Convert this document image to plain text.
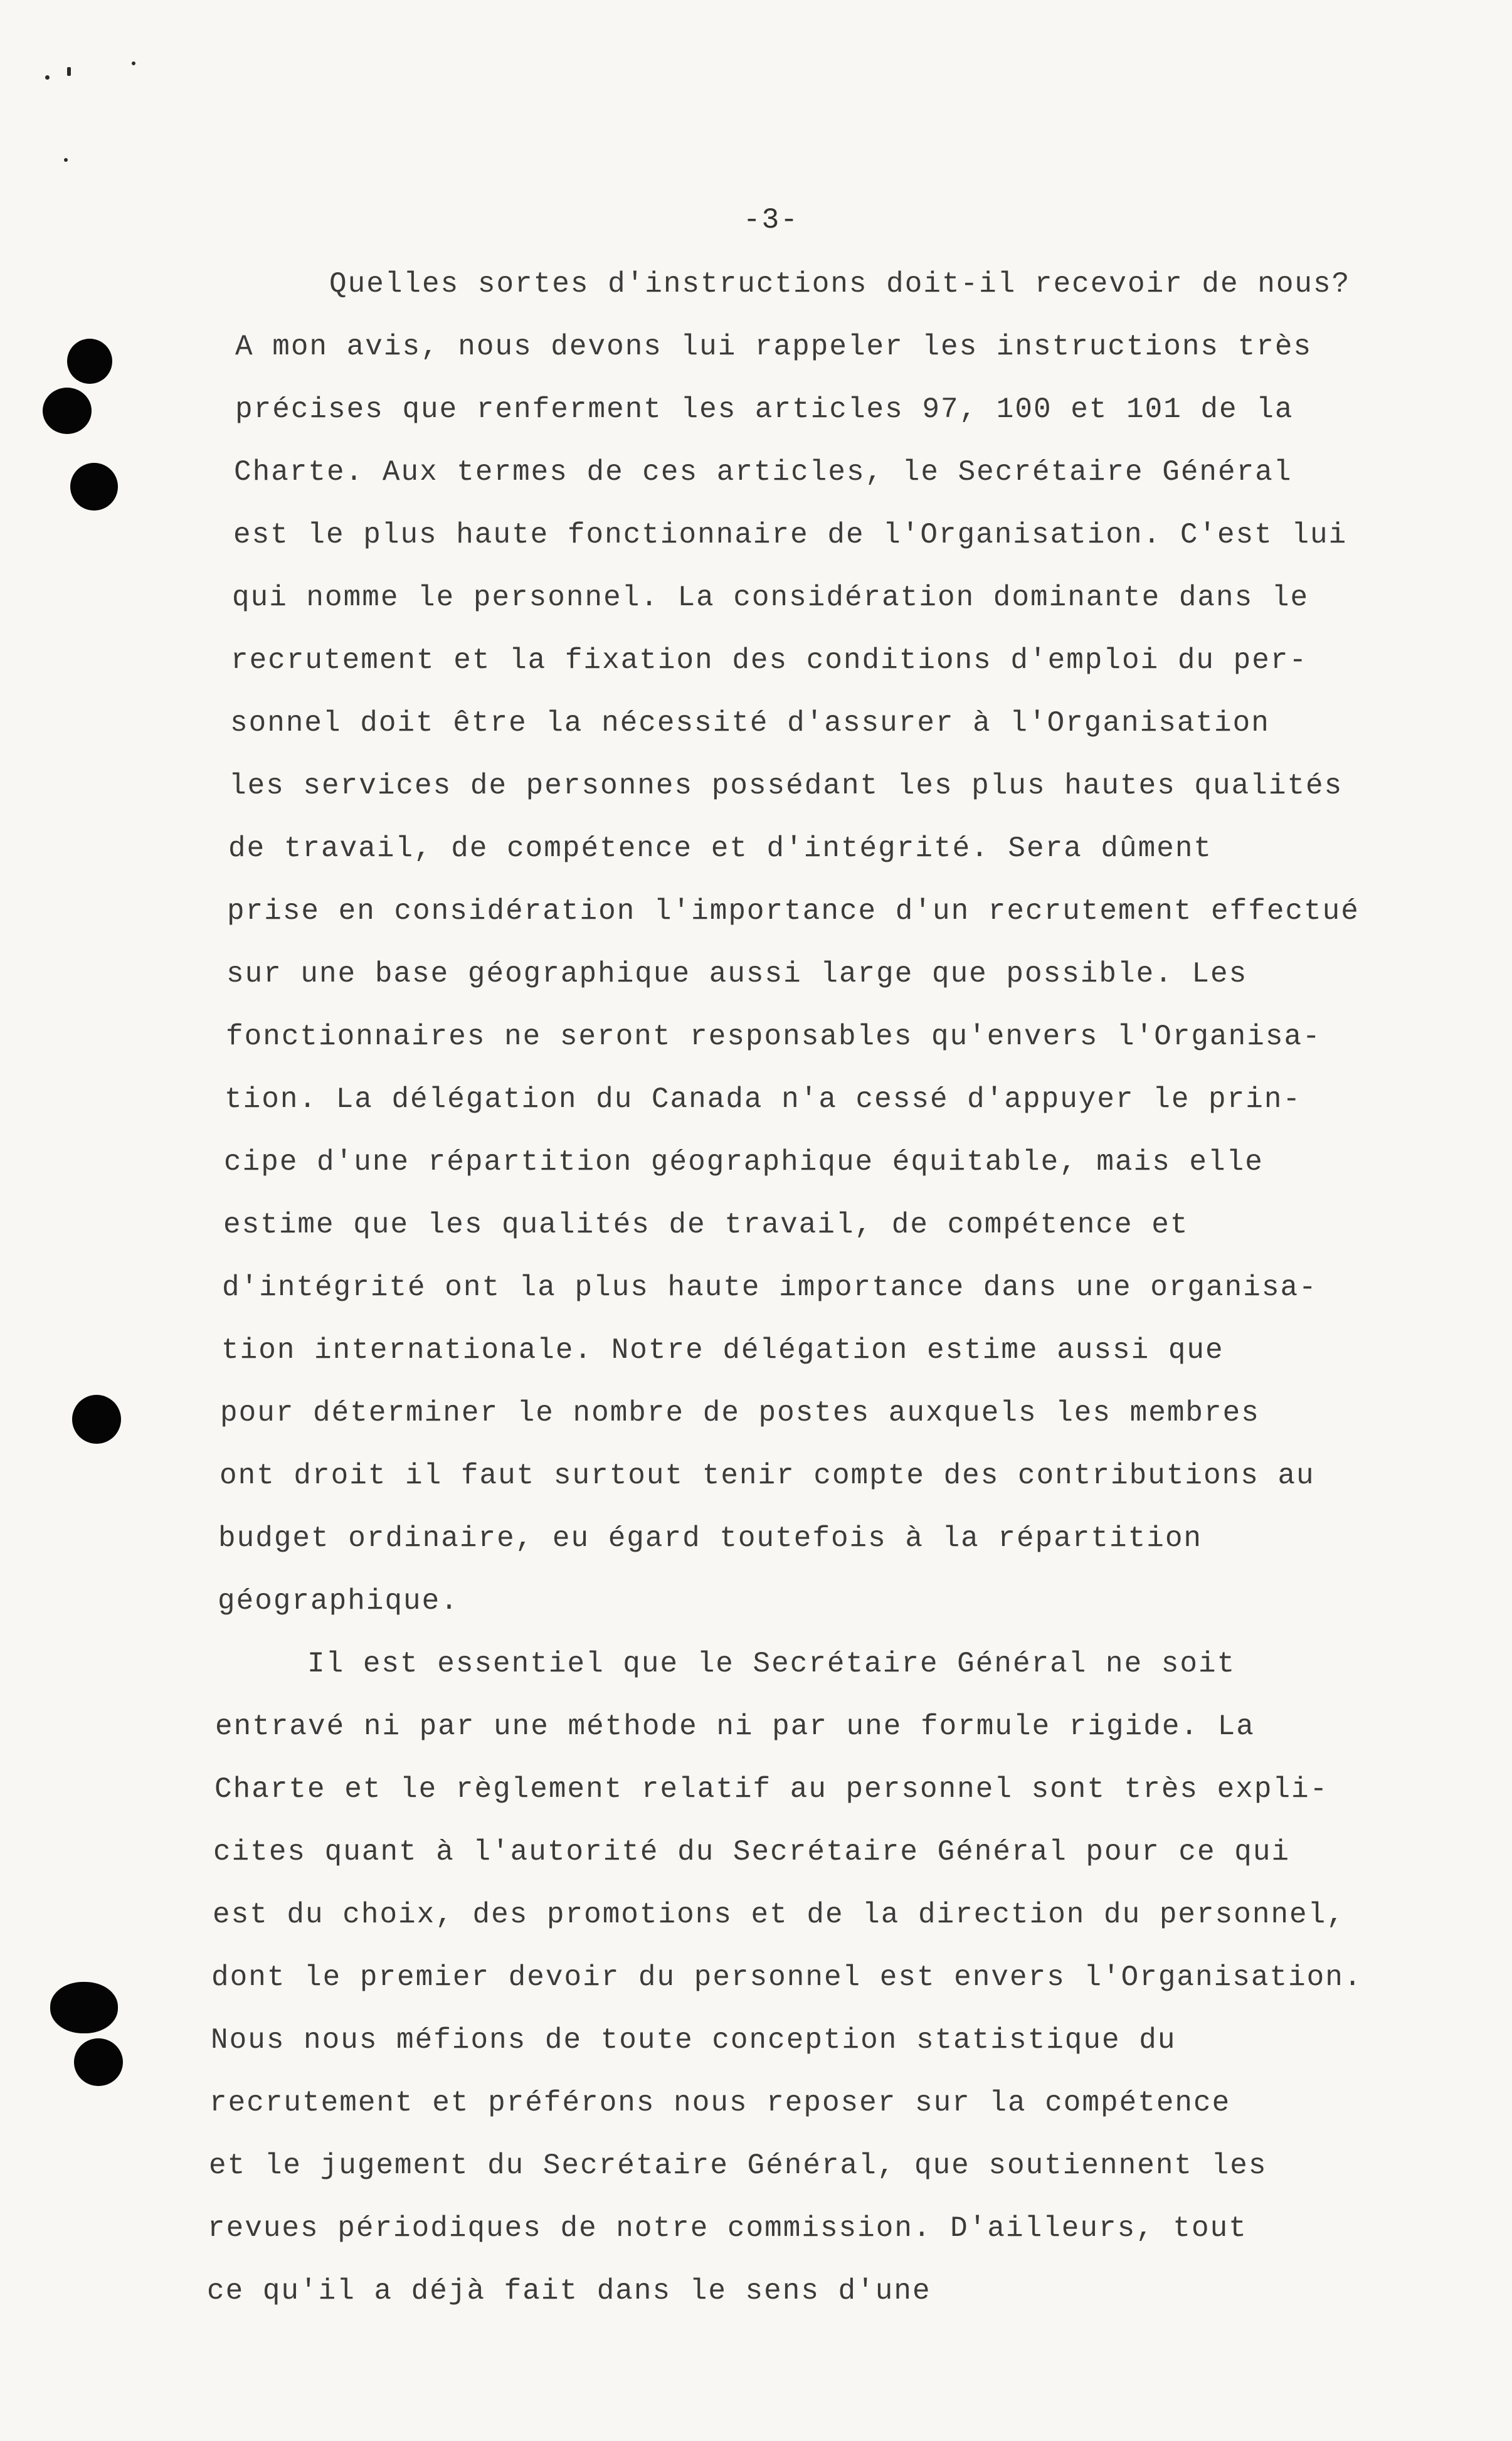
-3-
Quelles sortes d'instructions doit-il recevoir de nous?
A mon avis, nous devons lui rappeler les instructions très
précises que renferment les articles 97, 100 et 101 de la
Charte. Aux termes de ces articles, le Secrétaire Général
est le plus haute fonctionnaire de l'Organisation. C'est lui
qui nomme le personnel. La considération dominante dans le
recrutement et la fixation des conditions d'emploi du per-
sonnel doit être la nécessité d'assurer à l'Organisation
les services de personnes possédant les plus hautes qualités
de travail, de compétence et d'intégrité. Sera dûment
prise en considération l'importance d'un recrutement effectué
sur une base géographique aussi large que possible. Les
fonctionnaires ne seront responsables qu'envers l'Organisa-
tion. La délégation du Canada n'a cessé d'appuyer le prin-
cipe d'une répartition géographique équitable, mais elle
estime que les qualités de travail, de compétence et
d'intégrité ont la plus haute importance dans une organisa-
tion internationale. Notre délégation estime aussi que
pour déterminer le nombre de postes auxquels les membres
ont droit il faut surtout tenir compte des contributions au
budget ordinaire, eu égard toutefois à la répartition
géographique.
Il est essentiel que le Secrétaire Général ne soit
entravé ni par une méthode ni par une formule rigide. La
Charte et le règlement relatif au personnel sont très expli-
cites quant à l'autorité du Secrétaire Général pour ce qui
est du choix, des promotions et de la direction du personnel,
dont le premier devoir du personnel est envers l'Organisation.
Nous nous méfions de toute conception statistique du
recrutement et préférons nous reposer sur la compétence
et le jugement du Secrétaire Général, que soutiennent les
revues périodiques de notre commission. D'ailleurs, tout
ce qu'il a déjà fait dans le sens d'une
